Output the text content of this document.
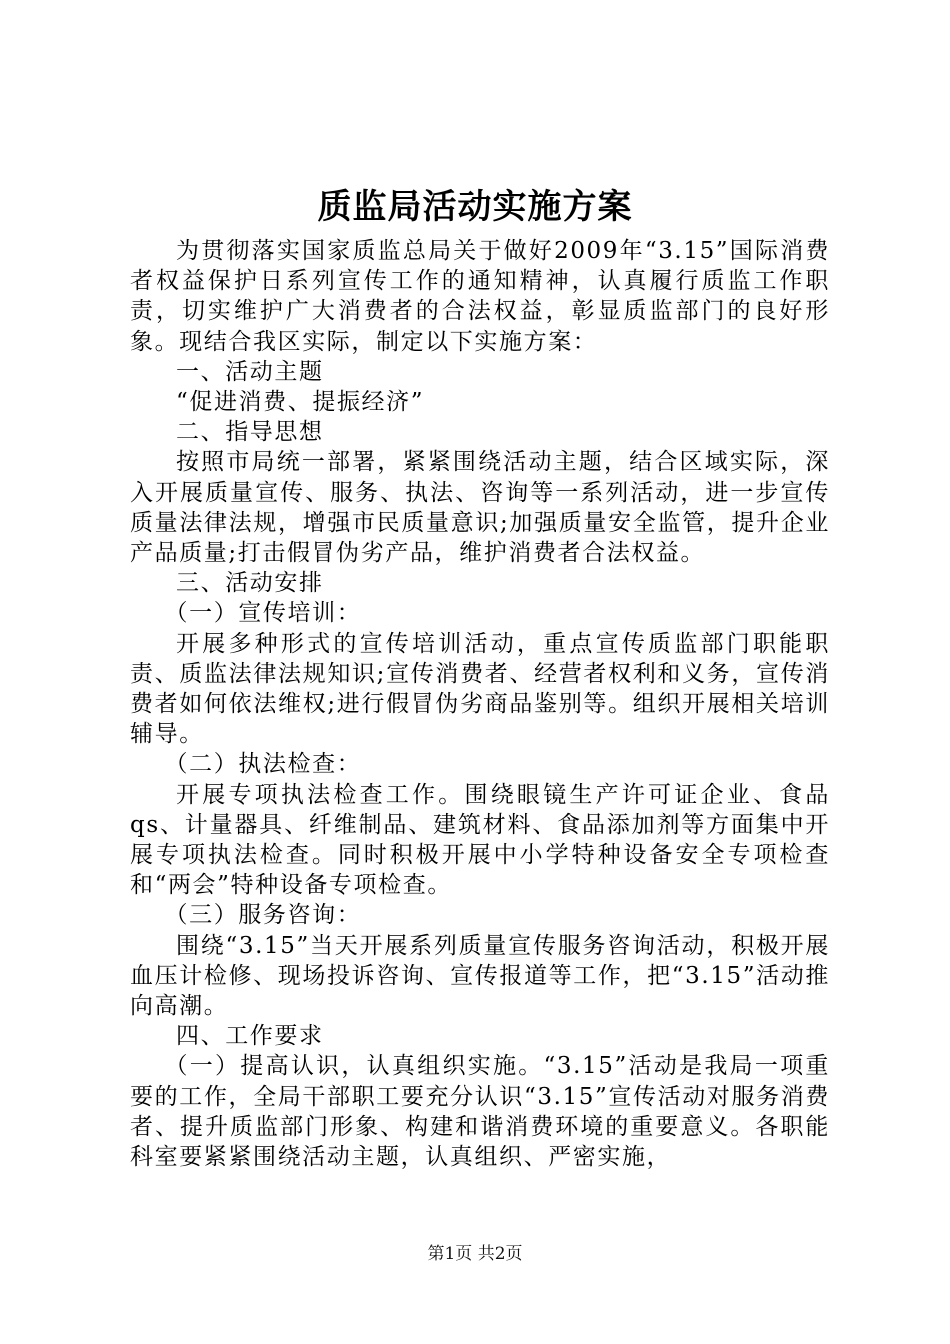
质监局活动实施方案

为贯彻落实国家质监总局关于做好2009年“3.15”国际消费者权益保护日系列宣传工作的通知精神，认真履行质监工作职责，切实维护广大消费者的合法权益，彰显质监部门的良好形象。现结合我区实际，制定以下实施方案：

一、活动主题

“促进消费、提振经济”

二、指导思想

按照市局统一部署，紧紧围绕活动主题，结合区域实际，深入开展质量宣传、服务、执法、咨询等一系列活动，进一步宣传质量法律法规，增强市民质量意识;加强质量安全监管，提升企业产品质量;打击假冒伪劣产品，维护消费者合法权益。

三、活动安排

（一）宣传培训：

开展多种形式的宣传培训活动，重点宣传质监部门职能职责、质监法律法规知识;宣传消费者、经营者权利和义务，宣传消费者如何依法维权;进行假冒伪劣商品鉴别等。组织开展相关培训辅导。

（二）执法检查：

开展专项执法检查工作。围绕眼镜生产许可证企业、食品qs、计量器具、纤维制品、建筑材料、食品添加剂等方面集中开展专项执法检查。同时积极开展中小学特种设备安全专项检查和“两会”特种设备专项检查。

（三）服务咨询：

围绕“3.15”当天开展系列质量宣传服务咨询活动，积极开展血压计检修、现场投诉咨询、宣传报道等工作，把“3.15”活动推向高潮。

四、工作要求

（一）提高认识，认真组织实施。“3.15”活动是我局一项重要的工作，全局干部职工要充分认识“3.15”宣传活动对服务消费者、提升质监部门形象、构建和谐消费环境的重要意义。各职能科室要紧紧围绕活动主题，认真组织、严密实施，

第1页 共2页
